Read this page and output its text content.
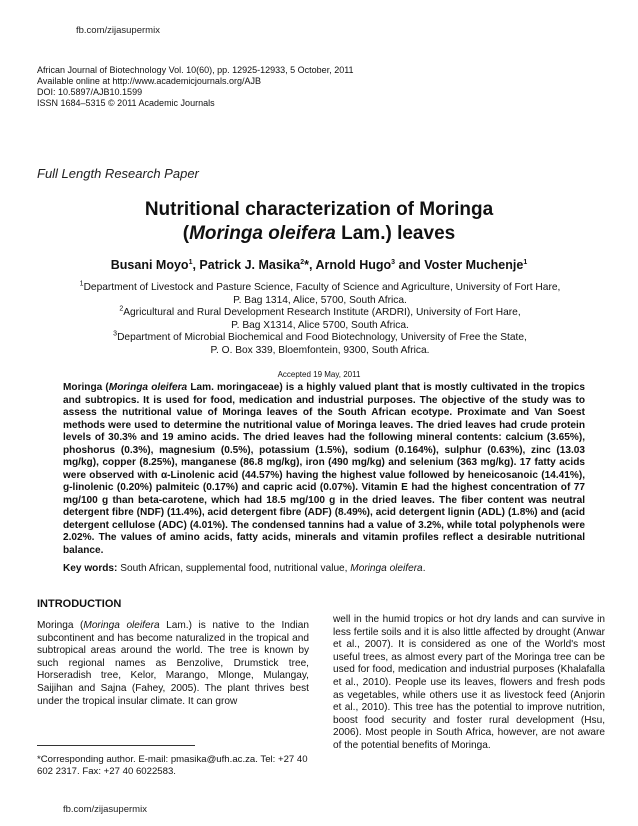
fb.com/zijasupermix
African Journal of Biotechnology Vol. 10(60), pp. 12925-12933, 5 October, 2011
Available online at http://www.academicjournals.org/AJB
DOI: 10.5897/AJB10.1599
ISSN 1684–5315 © 2011 Academic Journals
Full Length Research Paper
Nutritional characterization of Moringa
(Moringa oleifera Lam.) leaves
Busani Moyo$^1$, Patrick J. Masika$^2$*, Arnold Hugo$^3$ and Voster Muchenje$^1$
$^1$Department of Livestock and Pasture Science, Faculty of Science and Agriculture, University of Fort Hare,
P. Bag 1314, Alice, 5700, South Africa.
$^2$Agricultural and Rural Development Research Institute (ARDRI), University of Fort Hare,
P. Bag X1314, Alice 5700, South Africa.
$^3$Department of Microbial Biochemical and Food Biotechnology, University of Free the State,
P. O. Box 339, Bloemfontein, 9300, South Africa.
Accepted 19 May, 2011
Moringa (Moringa oleifera Lam. moringaceae) is a highly valued plant that is mostly cultivated in the tropics and subtropics. It is used for food, medication and industrial purposes. The objective of the study was to assess the nutritional value of Moringa leaves of the South African ecotype. Proximate and Van Soest methods were used to determine the nutritional value of Moringa leaves. The dried leaves had crude protein levels of 30.3% and 19 amino acids. The dried leaves had the following mineral contents: calcium (3.65%), phoshorus (0.3%), magnesium (0.5%), potassium (1.5%), sodium (0.164%), sulphur (0.63%), zinc (13.03 mg/kg), copper (8.25%), manganese (86.8 mg/kg), iron (490 mg/kg) and selenium (363 mg/kg). 17 fatty acids were observed with α-Linolenic acid (44.57%) having the highest value followed by heneicosanoic (14.41%), g-linolenic (0.20%) palmiteic (0.17%) and capric acid (0.07%). Vitamin E had the highest concentration of 77 mg/100 g than beta-carotene, which had 18.5 mg/100 g in the dried leaves. The fiber content was neutral detergent fibre (NDF) (11.4%), acid detergent fibre (ADF) (8.49%), acid detergent lignin (ADL) (1.8%) and (acid detergent cellulose (ADC) (4.01%). The condensed tannins had a value of 3.2%, while total polyphenols were 2.02%. The values of amino acids, fatty acids, minerals and vitamin profiles reflect a desirable nutritional balance.
Key words: South African, supplemental food, nutritional value, Moringa oleifera.
INTRODUCTION
Moringa (Moringa oleifera Lam.) is native to the Indian subcontinent and has become naturalized in the tropical and subtropical areas around the world. The tree is known by such regional names as Benzolive, Drumstick tree, Horseradish tree, Kelor, Marango, Mlonge, Mulangay, Saijihan and Sajna (Fahey, 2005). The plant thrives best under the tropical insular climate. It can grow
well in the humid tropics or hot dry lands and can survive in less fertile soils and it is also little affected by drought (Anwar et al., 2007). It is considered as one of the World's most useful trees, as almost every part of the Moringa tree can be used for food, medication and industrial purposes (Khalafalla et al., 2010). People use its leaves, flowers and fresh pods as vegetables, while others use it as livestock feed (Anjorin et al., 2010). This tree has the potential to improve nutrition, boost food security and foster rural development (Hsu, 2006). Most people in South Africa, however, are not aware of the potential benefits of Moringa.
*Corresponding author. E-mail: pmasika@ufh.ac.za. Tel: +27 40 602 2317. Fax: +27 40 6022583.
fb.com/zijasupermix
